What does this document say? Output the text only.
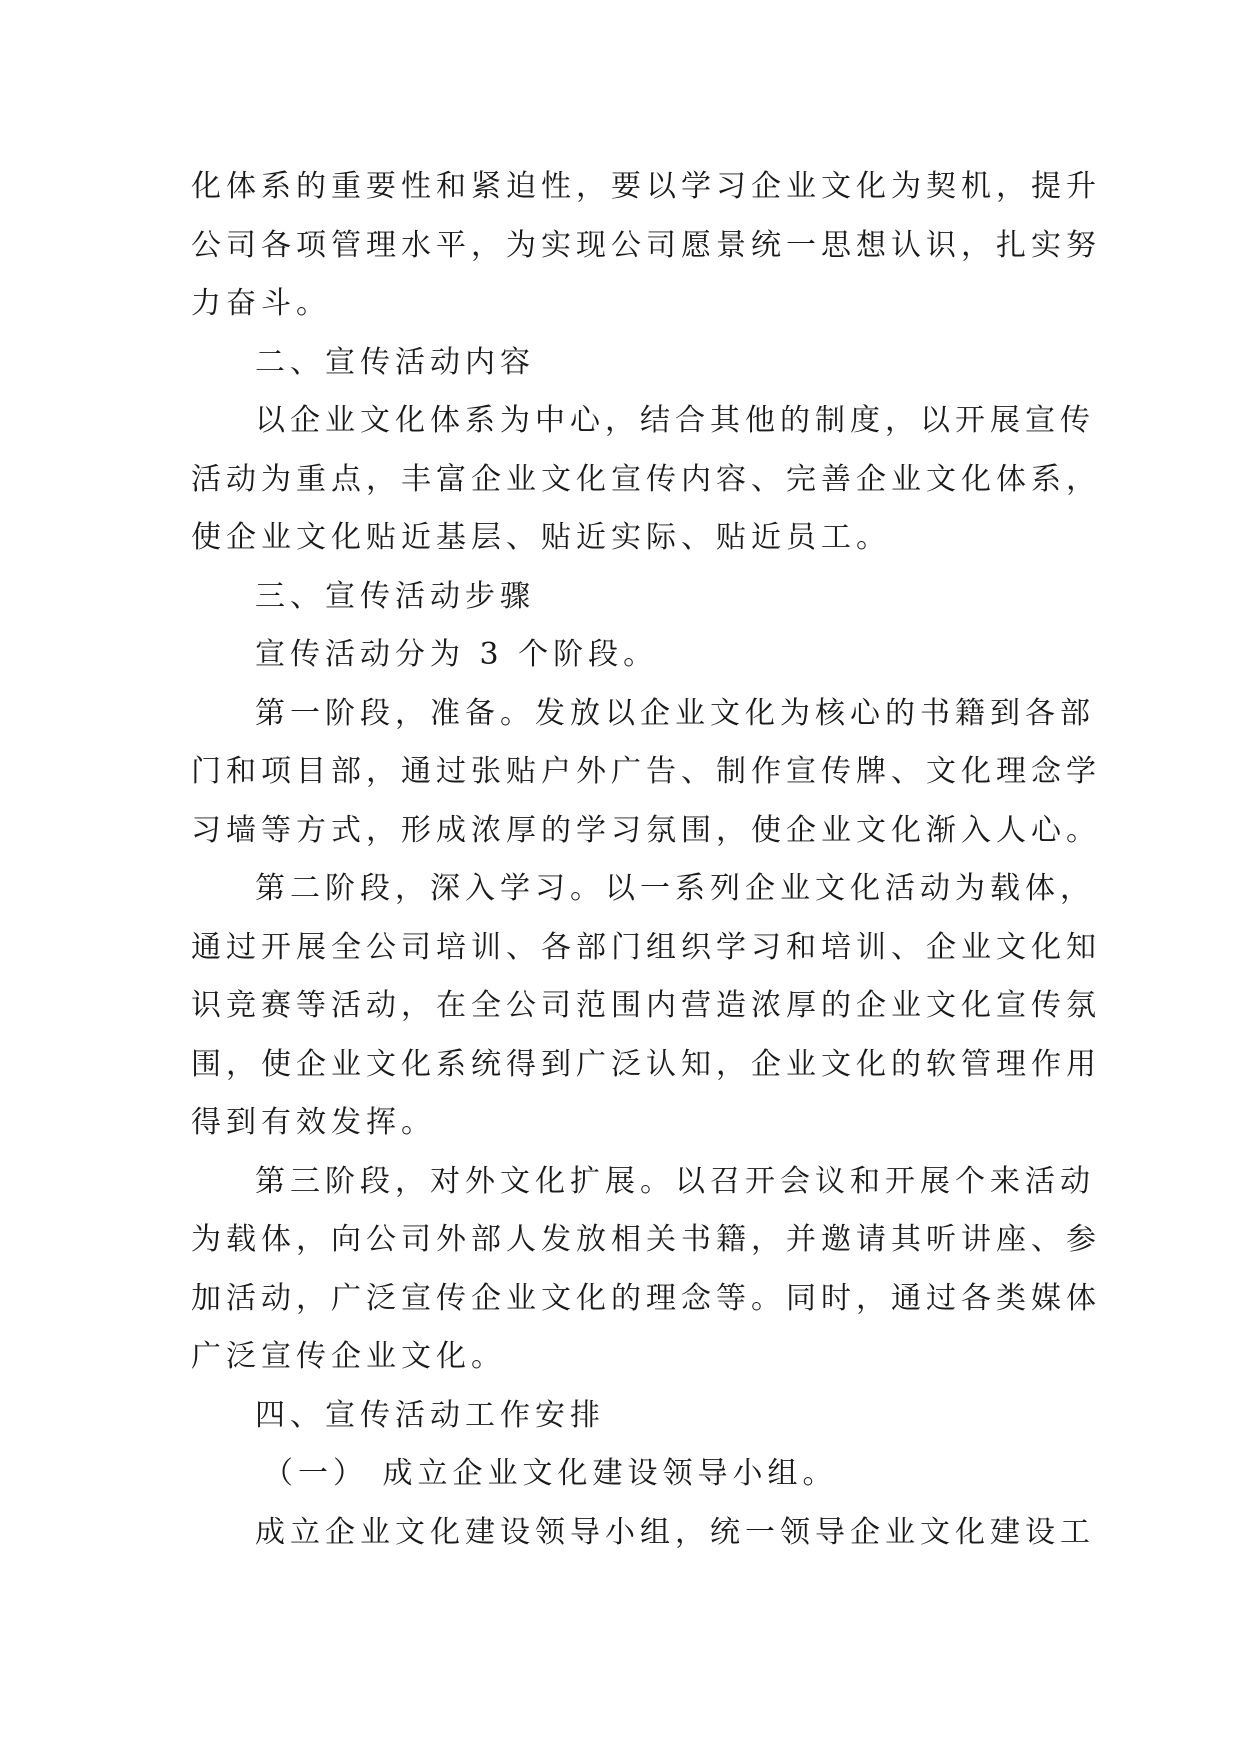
化体系的重要性和紧迫性，要以学习企业文化为契机，提升
公司各项管理水平，为实现公司愿景统一思想认识，扎实努
力奋斗。
二、宣传活动内容
以企业文化体系为中心，结合其他的制度，以开展宣传
活动为重点，丰富企业文化宣传内容、完善企业文化体系，
使企业文化贴近基层、贴近实际、贴近员工。
三、宣传活动步骤
宣传活动分为 3 个阶段。
第一阶段，准备。发放以企业文化为核心的书籍到各部
门和项目部，通过张贴户外广告、制作宣传牌、文化理念学
习墙等方式，形成浓厚的学习氛围，使企业文化渐入人心。
第二阶段，深入学习。以一系列企业文化活动为载体，
通过开展全公司培训、各部门组织学习和培训、企业文化知
识竞赛等活动，在全公司范围内营造浓厚的企业文化宣传氛
围，使企业文化系统得到广泛认知，企业文化的软管理作用
得到有效发挥。
第三阶段，对外文化扩展。以召开会议和开展个来活动
为载体，向公司外部人发放相关书籍，并邀请其听讲座、参
加活动，广泛宣传企业文化的理念等。同时，通过各类媒体
广泛宣传企业文化。
四、宣传活动工作安排
（一） 成立企业文化建设领导小组。
成立企业文化建设领导小组，统一领导企业文化建设工
